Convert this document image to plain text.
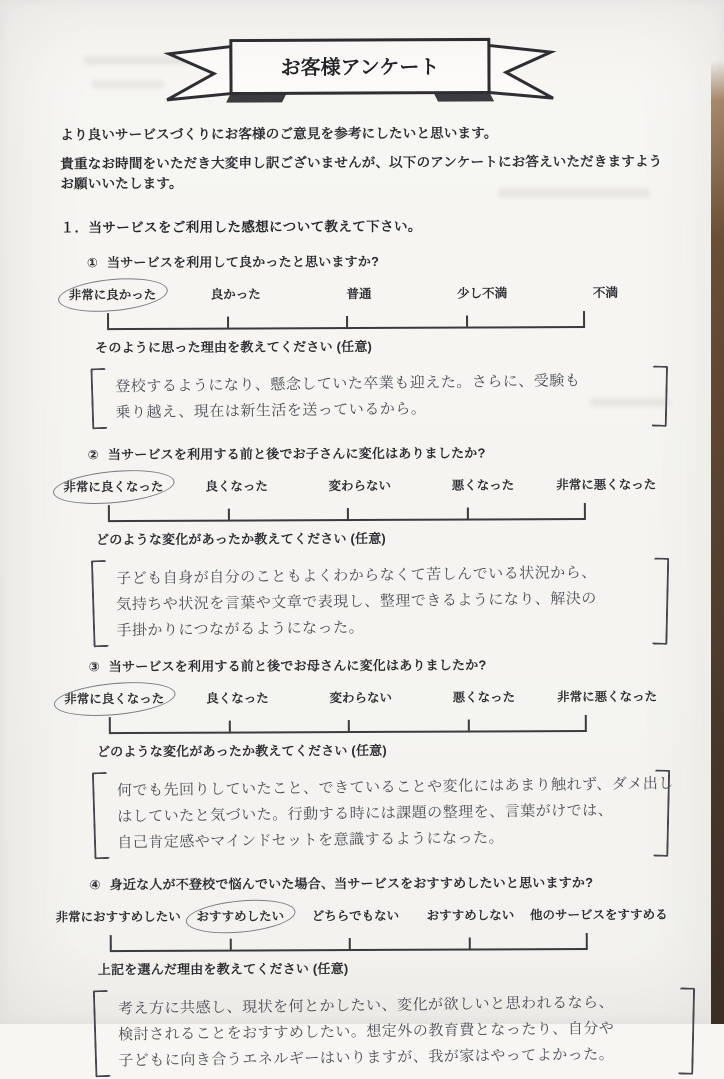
お客様アンケート
より良いサービスづくりにお客様のご意見を参考にしたいと思います。
貴重なお時間をいただき大変申し訳ございませんが、以下のアンケートにお答えいただきますようお願いいたします。
１．当サービスをご利用した感想について教えて下さい。
① 当サービスを利用して良かったと思いますか?
非常に良かった	良かった	普通	少し不満	不満
そのように思った理由を教えてください (任意)
登校するようになり、懸念していた卒業も迎えた。さらに、受験も
乗り越え、現在は新生活を送っているから。
② 当サービスを利用する前と後でお子さんに変化はありましたか?
非常に良くなった	良くなった	変わらない	悪くなった	非常に悪くなった
どのような変化があったか教えてください (任意)
子ども自身が自分のこともよくわからなくて苦しんでいる状況から、
気持ちや状況を言葉や文章で表現し、整理できるようになり、解決の
手掛かりにつながるようになった。
③ 当サービスを利用する前と後でお母さんに変化はありましたか?
非常に良くなった	良くなった	変わらない	悪くなった	非常に悪くなった
どのような変化があったか教えてください (任意)
何でも先回りしていたこと、できていることや変化にはあまり触れず、ダメ出し
はしていたと気づいた。行動する時には課題の整理を、言葉がけでは、
自己肯定感やマインドセットを意識するようになった。
④ 身近な人が不登校で悩んでいた場合、当サービスをおすすめしたいと思いますか?
非常におすすめしたい	おすすめしたい	どちらでもない	おすすめしない	他のサービスをすすめる
上記を選んだ理由を教えてください (任意)
考え方に共感し、現状を何とかしたい、変化が欲しいと思われるなら、
検討されることをおすすめしたい。想定外の教育費となったり、自分や
子どもに向き合うエネルギーはいりますが、我が家はやってよかった。
